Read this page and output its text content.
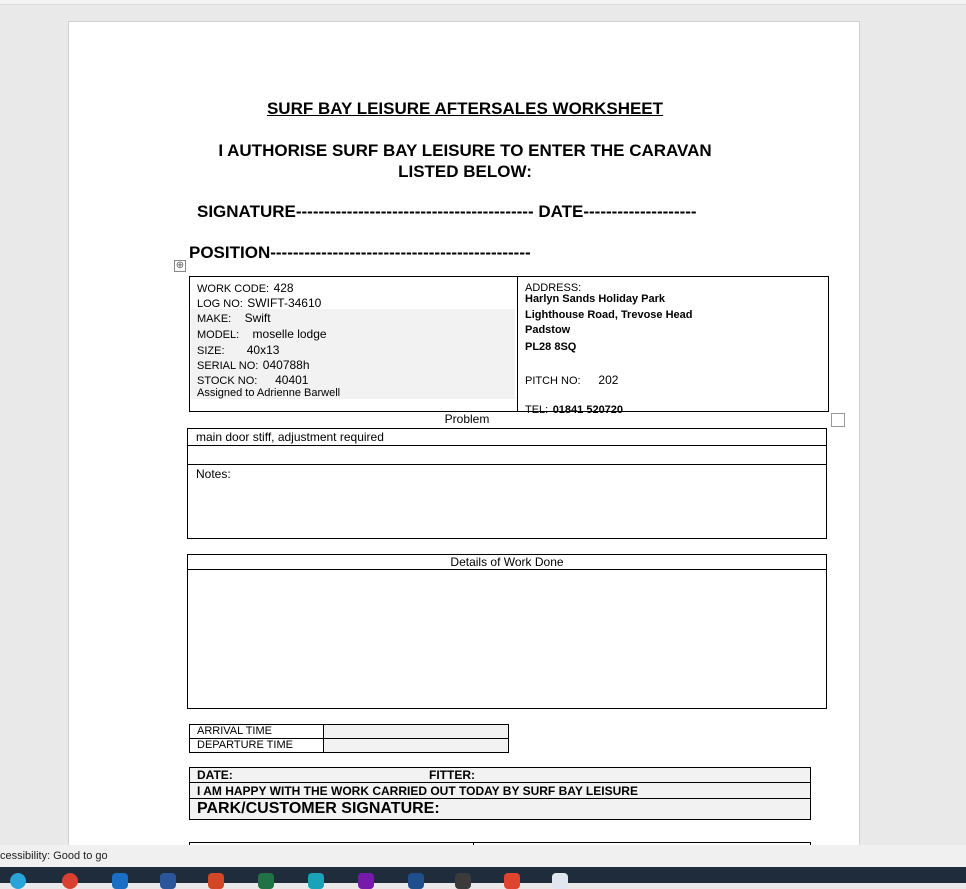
SURF BAY LEISURE AFTERSALES WORKSHEET
I AUTHORISE SURF BAY LEISURE TO ENTER THE CARAVAN
LISTED BELOW:
SIGNATURE------------------------------------------ DATE--------------------
POSITION----------------------------------------------
⊕
WORK CODE: 428
LOG NO: SWIFT-34610
MAKE: Swift
MODEL: moselle lodge
SIZE: 40x13
SERIAL NO: 040788h
STOCK NO: 40401
Assigned to Adrienne Barwell
ADDRESS:
Harlyn Sands Holiday Park
Lighthouse Road, Trevose Head
Padstow
PL28 8SQ
PITCH NO: 202
TEL: 01841 520720
Problem
main door stiff, adjustment required
Notes:
Details of Work Done
ARRIVAL TIME
DEPARTURE TIME
DATE:	FITTER:
I AM HAPPY WITH THE WORK CARRIED OUT TODAY BY SURF BAY LEISURE
PARK/CUSTOMER SIGNATURE:
cessibility: Good to go
